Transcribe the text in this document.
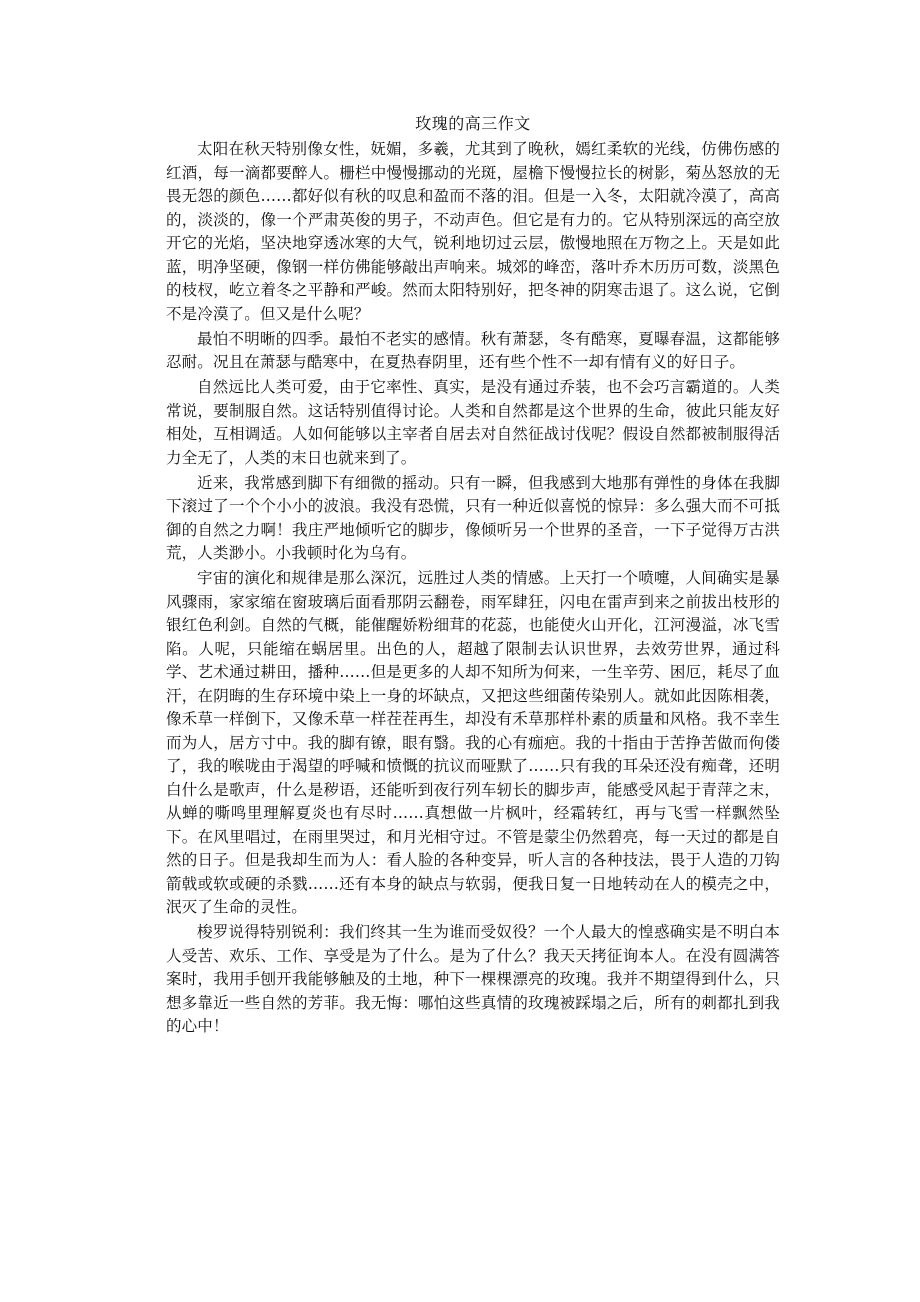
玫瑰的高三作文

太阳在秋天特别像女性，妩媚，多羲，尤其到了晚秋，嫣红柔软的光线，仿佛伤感的红酒，每一滴都要醉人。栅栏中慢慢挪动的光斑，屋檐下慢慢拉长的树影，菊丛怒放的无畏无怨的颜色……都好似有秋的叹息和盈而不落的泪。但是一入冬，太阳就冷漠了，高高的，淡淡的，像一个严肃英俊的男子，不动声色。但它是有力的。它从特别深远的高空放开它的光焰，坚决地穿透冰寒的大气，锐利地切过云层，傲慢地照在万物之上。天是如此蓝，明净坚硬，像钢一样仿佛能够敲出声响来。城郊的峰峦，落叶乔木历历可数，淡黑色的枝杈，屹立着冬之平静和严峻。然而太阳特别好，把冬神的阴寒击退了。这么说，它倒不是冷漠了。但又是什么呢？

最怕不明晰的四季。最怕不老实的感情。秋有萧瑟，冬有酷寒，夏曝春温，这都能够忍耐。况且在萧瑟与酷寒中，在夏热春阴里，还有些个性不一却有情有义的好日子。

自然远比人类可爱，由于它率性、真实，是没有通过乔装，也不会巧言霸道的。人类常说，要制服自然。这话特别值得讨论。人类和自然都是这个世界的生命，彼此只能友好相处，互相调适。人如何能够以主宰者自居去对自然征战讨伐呢？假设自然都被制服得活力全无了，人类的末日也就来到了。

近来，我常感到脚下有细微的摇动。只有一瞬，但我感到大地那有弹性的身体在我脚下滚过了一个个小小的波浪。我没有恐慌，只有一种近似喜悦的惊异：多么强大而不可抵御的自然之力啊！我庄严地倾听它的脚步，像倾听另一个世界的圣音，一下子觉得万古洪荒，人类渺小。小我顿时化为乌有。

宇宙的演化和规律是那么深沉，远胜过人类的情感。上天打一个喷嚏，人间确实是暴风骤雨，家家缩在窗玻璃后面看那阴云翻卷，雨军肆狂，闪电在雷声到来之前拔出枝形的银红色利剑。自然的气概，能催醒娇粉细茸的花蕊，也能使火山开化，江河漫溢，冰飞雪陷。人呢，只能缩在蜗居里。出色的人，超越了限制去认识世界，去效劳世界，通过科学、艺术通过耕田，播种……但是更多的人却不知所为何来，一生辛劳、困厄，耗尽了血汗，在阴晦的生存环境中染上一身的坏缺点，又把这些细菌传染别人。就如此因陈相袭，像禾草一样倒下，又像禾草一样茬茬再生，却没有禾草那样朴素的质量和风格。我不幸生而为人，居方寸中。我的脚有镣，眼有翳。我的心有痂疤。我的十指由于苦挣苦做而佝偻了，我的喉咙由于渴望的呼喊和愤慨的抗议而哑默了……只有我的耳朵还没有痴聋，还明白什么是歌声，什么是秽语，还能听到夜行列车轫长的脚步声，能感受风起于青萍之末，从蝉的嘶鸣里理解夏炎也有尽时……真想做一片枫叶，经霜转红，再与飞雪一样飘然坠下。在风里唱过，在雨里哭过，和月光相守过。不管是蒙尘仍然碧亮，每一天过的都是自然的日子。但是我却生而为人：看人脸的各种变异，听人言的各种技法，畏于人造的刀钩箭戟或软或硬的杀戮……还有本身的缺点与软弱，便我日复一日地转动在人的模壳之中，泯灭了生命的灵性。

梭罗说得特别锐利：我们终其一生为谁而受奴役？一个人最大的惶惑确实是不明白本人受苦、欢乐、工作、享受是为了什么。是为了什么？我天天拷征询本人。在没有圆满答案时，我用手刨开我能够触及的土地，种下一棵棵漂亮的玫瑰。我并不期望得到什么，只想多靠近一些自然的芳菲。我无悔：哪怕这些真情的玫瑰被踩塌之后，所有的刺都扎到我的心中！
